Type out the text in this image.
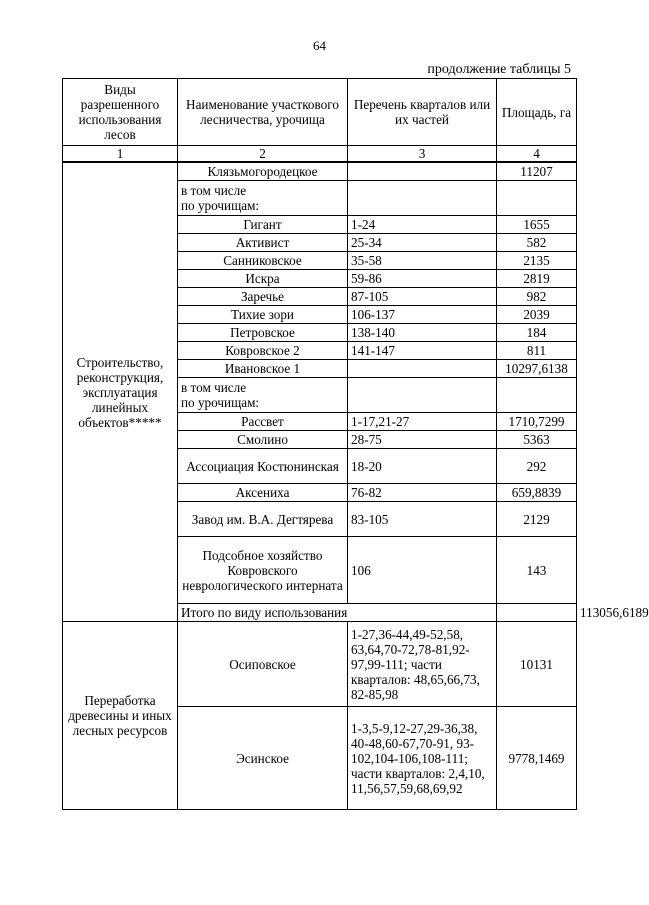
64
продолжение таблицы 5
Виды разрешенного использования лесов	Наименование участкового лесничества, урочища	Перечень кварталов или их частей	Площадь, га	
1	2	3	4	
Строительство, реконструкция, эксплуатация линейных объектов*****	Клязьмогородецкое		11207	
	в том числе
по урочищам:			
	Гигант	1-24	1655	
	Активист	25-34	582	
	Санниковское	35-58	2135	
	Искра	59-86	2819	
	Заречье	87-105	982	
	Тихие зори	106-137	2039	
	Петровское	138-140	184	
	Ковровское 2	141-147	811	
	Ивановское 1		10297,6138	
	в том числе
по урочищам:			
	Рассвет	1-17,21-27	1710,7299	
	Смолино	28-75	5363	
	Ассоциация Костюнинская	18-20	292	
	Аксениха	76-82	659,8839	
	Завод им. В.А. Дегтярева	83-105	2129	
	Подсобное хозяйство Ковровского неврологического интерната	106	143	
	Итого по виду использования			113056,6189
Переработка древесины и иных лесных ресурсов	Осиповское	1-27,36-44,49-52,58, 63,64,70-72,78-81,92-97,99-111; части кварталов: 48,65,66,73, 82-85,98	10131	
	Эсинское	1-3,5-9,12-27,29-36,38, 40-48,60-67,70-91, 93-102,104-106,108-111; части кварталов: 2,4,10, 11,56,57,59,68,69,92	9778,1469	
